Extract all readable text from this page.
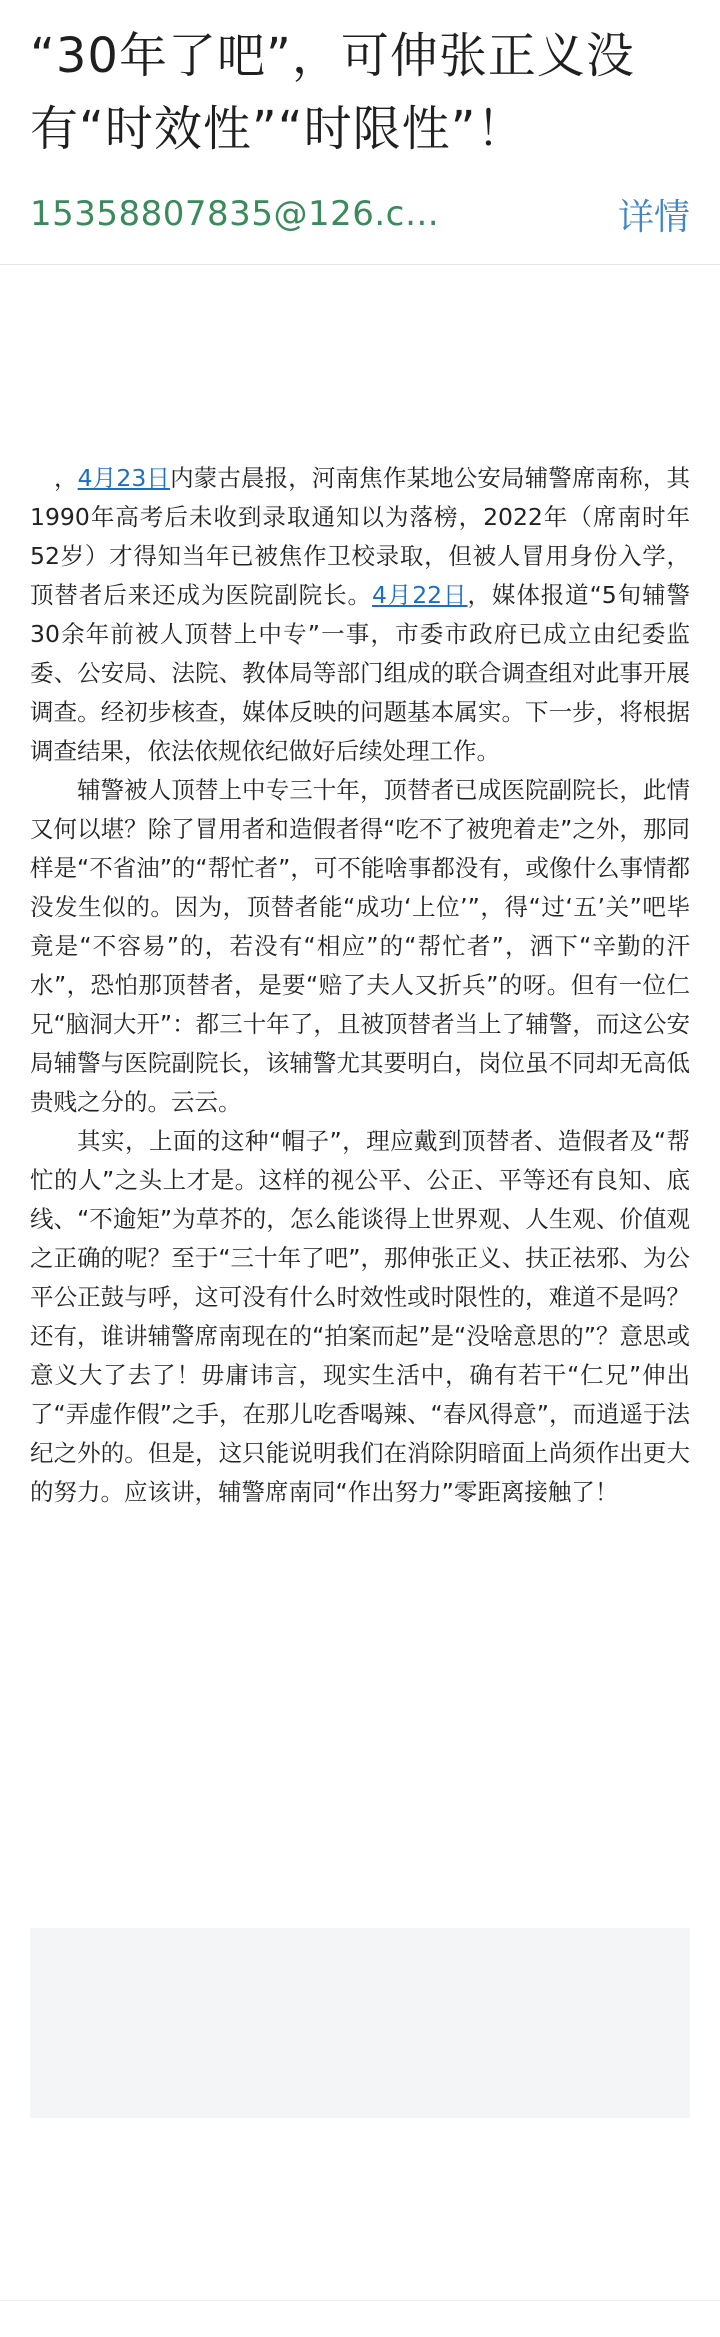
“30年了吧”，可伸张正义没有“时效性”“时限性”！
15358807835@126.c…	详情

，4月23日内蒙古晨报，河南焦作某地公安局辅警席南称，其1990年高考后未收到录取通知以为落榜，2022年（席南时年52岁）才得知当年已被焦作卫校录取，但被人冒用身份入学，顶替者后来还成为医院副院长。4月22日，媒体报道“5旬辅警30余年前被人顶替上中专”一事，市委市政府已成立由纪委监委、公安局、法院、教体局等部门组成的联合调查组对此事开展调查。经初步核查，媒体反映的问题基本属实。下一步，将根据调查结果，依法依规依纪做好后续处理工作。

辅警被人顶替上中专三十年，顶替者已成医院副院长，此情又何以堪？除了冒用者和造假者得“吃不了被兜着走”之外，那同样是“不省油”的“帮忙者”，可不能啥事都没有，或像什么事情都没发生似的。因为，顶替者能“成功‘上位’”，得“过‘五’关”吧毕竟是“不容易”的，若没有“相应”的“帮忙者”，洒下“辛勤的汗水”，恐怕那顶替者，是要“赔了夫人又折兵”的呀。但有一位仁兄“脑洞大开”：都三十年了，且被顶替者当上了辅警，而这公安局辅警与医院副院长，该辅警尤其要明白，岗位虽不同却无高低贵贱之分的。云云。

其实，上面的这种“帽子”，理应戴到顶替者、造假者及“帮忙的人”之头上才是。这样的视公平、公正、平等还有良知、底线、“不逾矩”为草芥的，怎么能谈得上世界观、人生观、价值观之正确的呢？至于“三十年了吧”，那伸张正义、扶正祛邪、为公平公正鼓与呼，这可没有什么时效性或时限性的，难道不是吗？还有，谁讲辅警席南现在的“拍案而起”是“没啥意思的”？意思或意义大了去了！毋庸讳言，现实生活中，确有若干“仁兄”伸出了“弄虚作假”之手，在那儿吃香喝辣、“春风得意”，而逍遥于法纪之外的。但是，这只能说明我们在消除阴暗面上尚须作出更大的努力。应该讲，辅警席南同“作出努力”零距离接触了！
